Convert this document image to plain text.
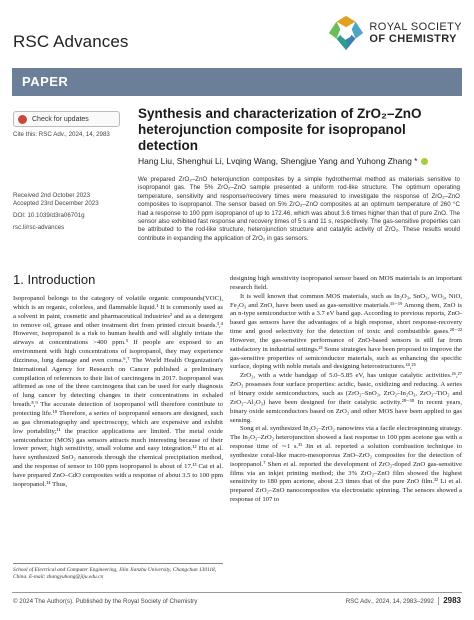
RSC Advances
ROYAL SOCIETY
OF CHEMISTRY
PAPER
Check for updates
Cite this: RSC Adv., 2024, 14, 2983
Received 2nd October 2023
Accepted 23rd December 2023
DOI: 10.1039/d3ra06701g
rsc.li/rsc-advances
Synthesis and characterization of ZrO₂–ZnO heterojunction composite for isopropanol detection
Hang Liu, Shenghui Li, Lvqing Wang, Shengjue Yang and Yuhong Zhang *

We prepared ZrO₂–ZnO heterojunction composites by a simple hydrothermal method as materials sensitive to isopropanol gas. The 5% ZrO₂–ZnO sample presented a uniform rod-like structure. The optimum operating temperature, sensitivity and response/recovery times were measured to investigate the response of ZrO₂–ZnO composites to isopropanol. The sensor based on 5% ZrO₂–ZnO composites at an optimum temperature of 260 °C had a response to 100 ppm isopropanol of up to 172.46, which was about 3.6 times higher than that of pure ZnO. The sensor also exhibited fast response and recovery times of 5 s and 11 s, respectively. The gas-sensitive properties can be attributed to the rod-like structure, heterojunction structure and catalytic activity of ZrO₂. These results would contribute in expanding the application of ZrO₂ in gas sensors.

1. Introduction

Isopropanol belongs to the category of volatile organic compounds(VOC), which is an organic, colorless, and flammable liquid.¹ It is commonly used as a solvent in paint, cosmetic and pharmaceutical industries² and as a detergent to remove oil, grease and other treatment dirt from printed circuit boards.³,⁴ However, isopropanol is a risk to human health and will slightly irritate the airways at concentrations >400 ppm.⁵ If people are exposed to an environment with high concentrations of isopropanol, they may experience dizziness, lung damage and even coma.⁶,⁷ The World Health Organization's International Agency for Research on Cancer published a preliminary compilation of references to their list of carcinogens in 2017. Isopropanol was affirmed as one of the three carcinogens that can be used for early diagnosis of lung cancer by detecting changes in their concentrations in exhaled breath.⁸,⁹ The accurate detection of isopropanol will therefore contribute to protecting life.¹⁰ Therefore, a series of isopropanol sensors are designed, such as gas chromatography and spectroscopy, which are expensive and exhibit low portability;¹¹ the practice applications are limited. The metal oxide semiconductor (MOS) gas sensors attracts much interesting because of their lower power, high sensitivity, small volume and easy integration.¹² Hu et al. have synthesized SnO₂ nanorods through the chemical precipitation method, and the response of sensor to 100 ppm isopropanol is about of 17.¹³ Cai et al. have prepared ZnO–CdO composites with a response of about 3.5 to 100 ppm isopropanol.¹⁴ Thus,

School of Electrical and Computer Engineering, Jilin Jianzhu University, Changchun 130118, China. E-mail: zhangyuhong@jlju.edu.cn

designing high sensitivity isopropanol sensor based on MOS materials is an important research field.

It is well known that common MOS materials, such as In₂O₃, SnO₂, WO₃, NiO, Fe₂O₃ and ZnO, have been used as gas-sensitive materials.¹⁵⁻¹⁹ Among them, ZnO is an n-type semiconductor with a 3.7 eV band gap. According to previous reports, ZnO-based gas sensors have the advantages of a high response, short response-recovery time and good selectivity for the detection of toxic and combustible gases.²⁰⁻²² However, the gas-sensitive performance of ZnO-based sensors is still far from satisfactory in industrial settings.²³ Some strategies have been proposed to improve the gas-sensitive properties of semiconductor materials, such as enhancing the specific surface, doping with noble metals and designing heterostructures.²⁴,²⁵

ZrO₂, with a wide bandgap of 5.0–5.85 eV, has unique catalytic activities.²⁶,²⁷ ZrO₂ possesses four surface properties: acidic, basic, oxidizing and reducing. A series of binary oxide semiconductors, such as (ZrO₂–SnO₂, ZrO₂–In₂O₃, ZrO₂–TiO₂ and ZrO₂–Al₂O₃) have been designed for their catalytic activity.²⁸⁻³⁰ In recent years, binary oxide semiconductors based on ZrO₂ and other MOS have been applied to gas sensing.

Song et al. synthesized In₂O₃–ZrO₂ nanowires via a facile electrospinning strategy. The In₂O₃–ZrO₂ heterojunction showed a fast response to 100 ppm acetone gas with a response time of ∼1 s.³¹ Jin et al. reported a solution combustion technique to synthesize coral-like macro-mesoporous ZnO–ZrO₂ composites for the detection of isopropanol.⁷ Shen et al. reported the development of ZrO₂-doped ZnO gas-sensitive films via an inkjet printing method; the 3% ZrO₂–ZnO film showed the highest sensitivity to 180 ppm acetone, about 2.3 times that of the pure ZnO film.³² Li et al. prepared ZrO₂–ZnO nanocomposites via electrostatic spinning. The sensors showed a response of 107 to

© 2024 The Author(s). Published by the Royal Society of Chemistry	RSC Adv., 2024, 14, 2983–2992	2983
